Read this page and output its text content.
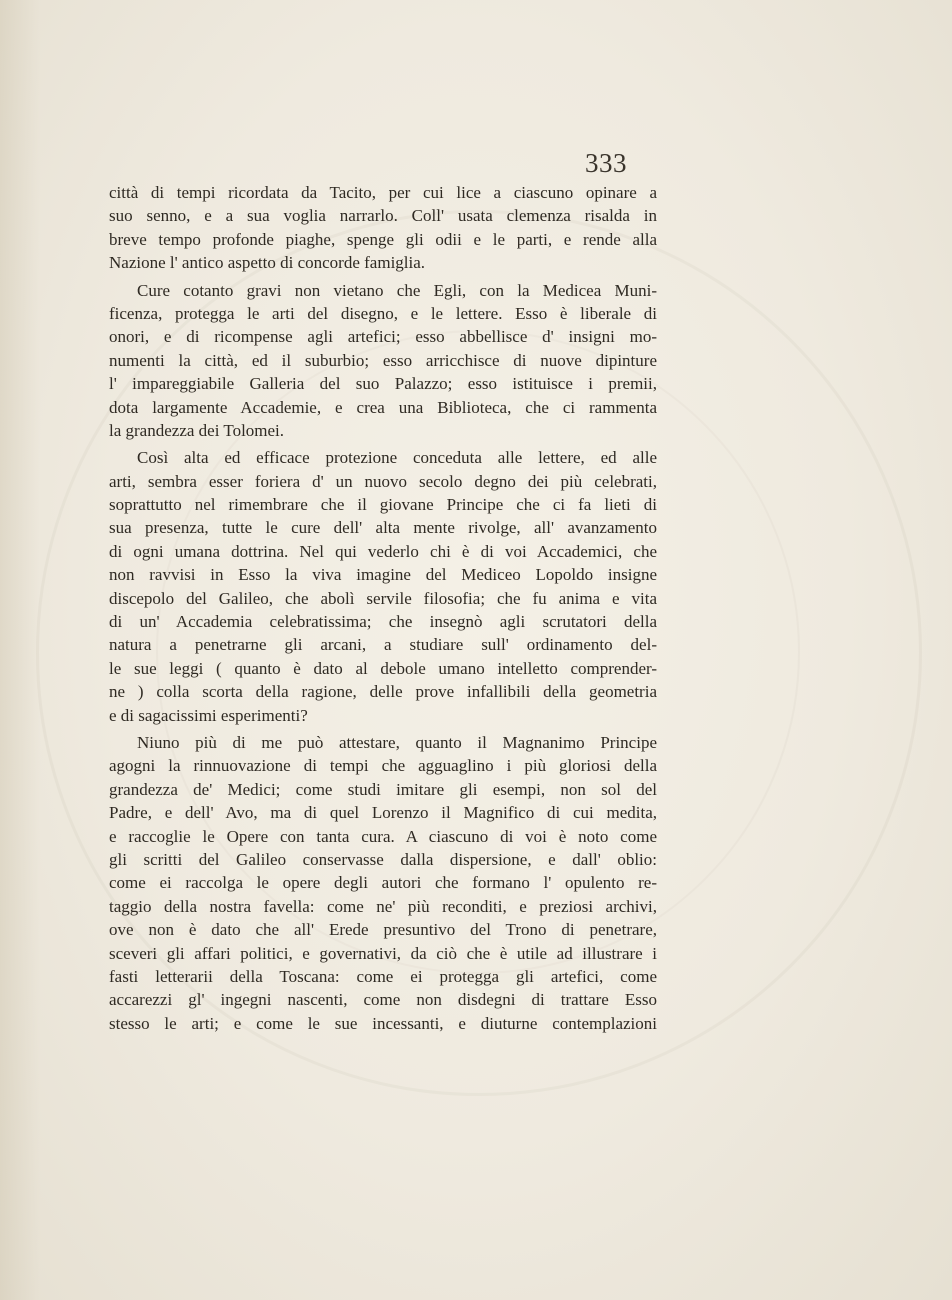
333
città di tempi ricordata da Tacito, per cui lice a ciascuno opinare a
suo senno, e a sua voglia narrarlo. Coll' usata clemenza risalda in
breve tempo profonde piaghe, spenge gli odii e le parti, e rende alla
Nazione l' antico aspetto di concorde famiglia.
Cure cotanto gravi non vietano che Egli, con la Medicea Muni-
ficenza, protegga le arti del disegno, e le lettere. Esso è liberale di
onori, e di ricompense agli artefici; esso abbellisce d' insigni mo-
numenti la città, ed il suburbio; esso arricchisce di nuove dipinture
l' impareggiabile Galleria del suo Palazzo; esso istituisce i premii,
dota largamente Accademie, e crea una Biblioteca, che ci rammenta
la grandezza dei Tolomei.
Così alta ed efficace protezione conceduta alle lettere, ed alle
arti, sembra esser foriera d' un nuovo secolo degno dei più celebrati,
soprattutto nel rimembrare che il giovane Principe che ci fa lieti di
sua presenza, tutte le cure dell' alta mente rivolge, all' avanzamento
di ogni umana dottrina. Nel qui vederlo chi è di voi Accademici, che
non ravvisi in Esso la viva imagine del Mediceo Lopoldo insigne
discepolo del Galileo, che abolì servile filosofia; che fu anima e vita
di un' Accademia celebratissima; che insegnò agli scrutatori della
natura a penetrarne gli arcani, a studiare sull' ordinamento del-
le sue leggi ( quanto è dato al debole umano intelletto comprender-
ne ) colla scorta della ragione, delle prove infallibili della geometria
e di sagacissimi esperimenti?
Niuno più di me può attestare, quanto il Magnanimo Principe
agogni la rinnuovazione di tempi che agguaglino i più gloriosi della
grandezza de' Medici; come studi imitare gli esempi, non sol del
Padre, e dell' Avo, ma di quel Lorenzo il Magnifico di cui medita,
e raccoglie le Opere con tanta cura. A ciascuno di voi è noto come
gli scritti del Galileo conservasse dalla dispersione, e dall' oblio:
come ei raccolga le opere degli autori che formano l' opulento re-
taggio della nostra favella: come ne' più reconditi, e preziosi archivi,
ove non è dato che all' Erede presuntivo del Trono di penetrare,
sceveri gli affari politici, e governativi, da ciò che è utile ad illustrare i
fasti letterarii della Toscana: come ei protegga gli artefici, come
accarezzi gl' ingegni nascenti, come non disdegni di trattare Esso
stesso le arti; e come le sue incessanti, e diuturne contemplazioni
